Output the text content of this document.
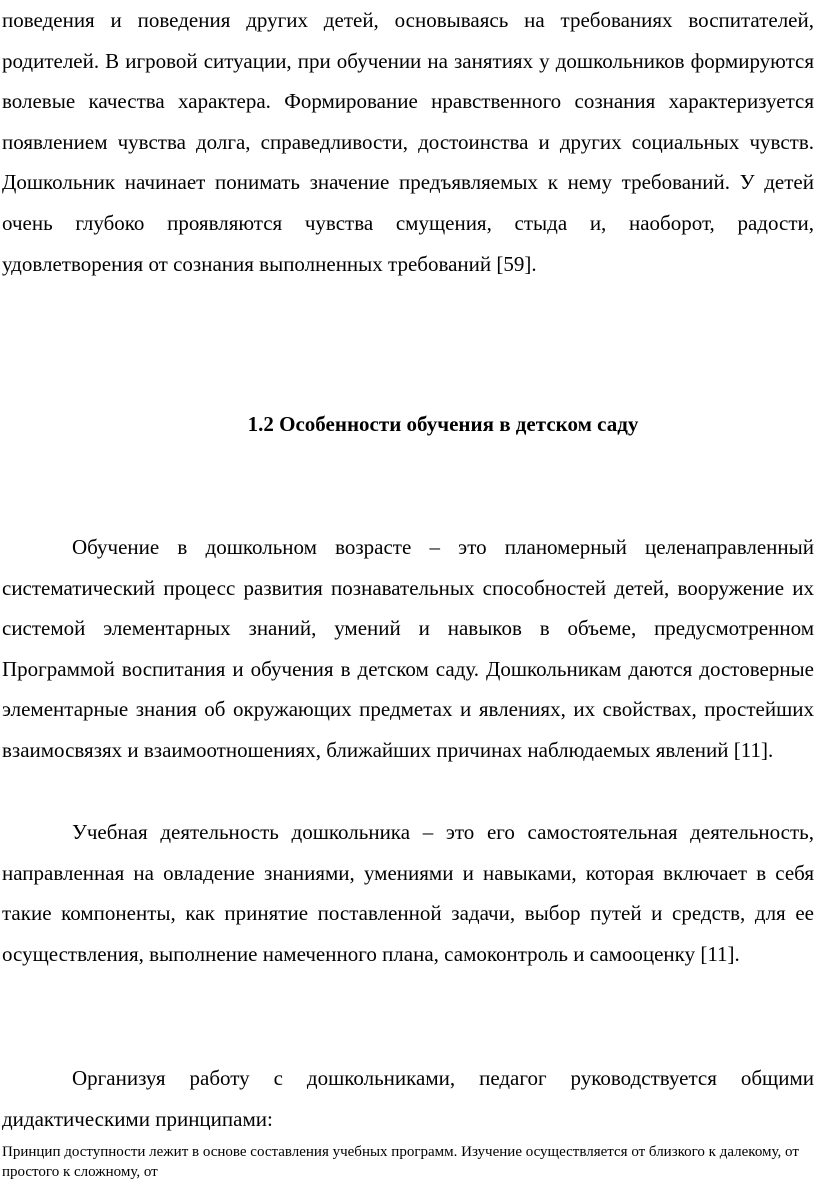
поведения и поведения других детей, основываясь на требованиях воспитателей, родителей. В игровой ситуации, при обучении на занятиях у дошкольников формируются волевые качества характера. Формирование нравственного сознания характеризуется появлением чувства долга, справедливости, достоинства и других социальных чувств. Дошкольник начинает понимать значение предъявляемых к нему требований. У детей очень глубоко проявляются чувства смущения, стыда и, наоборот, радости, удовлетворения от сознания выполненных требований [59].

1.2 Особенности обучения в детском саду

Обучение в дошкольном возрасте – это планомерный целенаправленный систематический процесс развития познавательных способностей детей, вооружение их системой элементарных знаний, умений и навыков в объеме, предусмотренном Программой воспитания и обучения в детском саду. Дошкольникам даются достоверные элементарные знания об окружающих предметах и явлениях, их свойствах, простейших взаимосвязях и взаимоотношениях, ближайших причинах наблюдаемых явлений [11].

Учебная деятельность дошкольника – это его самостоятельная деятельность, направленная на овладение знаниями, умениями и навыками, которая включает в себя такие компоненты, как принятие поставленной задачи, выбор путей и средств, для ее осуществления, выполнение намеченного плана, самоконтроль и самооценку [11].

Организуя работу с дошкольниками, педагог руководствуется общими дидактическими принципами:

Принцип доступности лежит в основе составления учебных программ. Изучение осуществляется от близкого к далекому, от простого к сложному, от
